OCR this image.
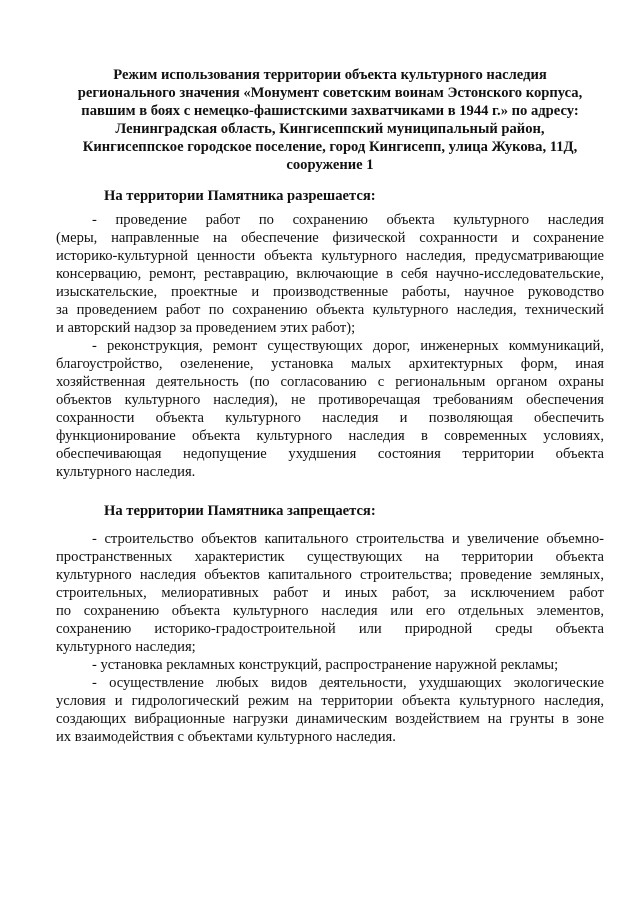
Режим использования территории объекта культурного наследия
регионального значения «Монумент советским воинам Эстонского корпуса,
павшим в боях с немецко-фашистскими захватчиками в 1944 г.» по адресу:
Ленинградская область, Кингисеппский муниципальный район,
Кингисеппское городское поселение, город Кингисепп, улица Жукова, 11Д,
сооружение 1
На территории Памятника разрешается:
- проведение работ по сохранению объекта культурного наследия
(меры, направленные на обеспечение физической сохранности и сохранение
историко-культурной ценности объекта культурного наследия, предусматривающие
консервацию, ремонт, реставрацию, включающие в себя научно-исследовательские,
изыскательские, проектные и производственные работы, научное руководство
за проведением работ по сохранению объекта культурного наследия, технический
и авторский надзор за проведением этих работ);
- реконструкция, ремонт существующих дорог, инженерных коммуникаций,
благоустройство, озеленение, установка малых архитектурных форм, иная
хозяйственная деятельность (по согласованию с региональным органом охраны
объектов культурного наследия), не противоречащая требованиям обеспечения
сохранности объекта культурного наследия и позволяющая обеспечить
функционирование объекта культурного наследия в современных условиях,
обеспечивающая недопущение ухудшения состояния территории объекта
культурного наследия.
На территории Памятника запрещается:
- строительство объектов капитального строительства и увеличение объемно-
пространственных характеристик существующих на территории объекта
культурного наследия объектов капитального строительства; проведение земляных,
строительных, мелиоративных работ и иных работ, за исключением работ
по сохранению объекта культурного наследия или его отдельных элементов,
сохранению историко-градостроительной или природной среды объекта
культурного наследия;
- установка рекламных конструкций, распространение наружной рекламы;
- осуществление любых видов деятельности, ухудшающих экологические
условия и гидрологический режим на территории объекта культурного наследия,
создающих вибрационные нагрузки динамическим воздействием на грунты в зоне
их взаимодействия с объектами культурного наследия.
